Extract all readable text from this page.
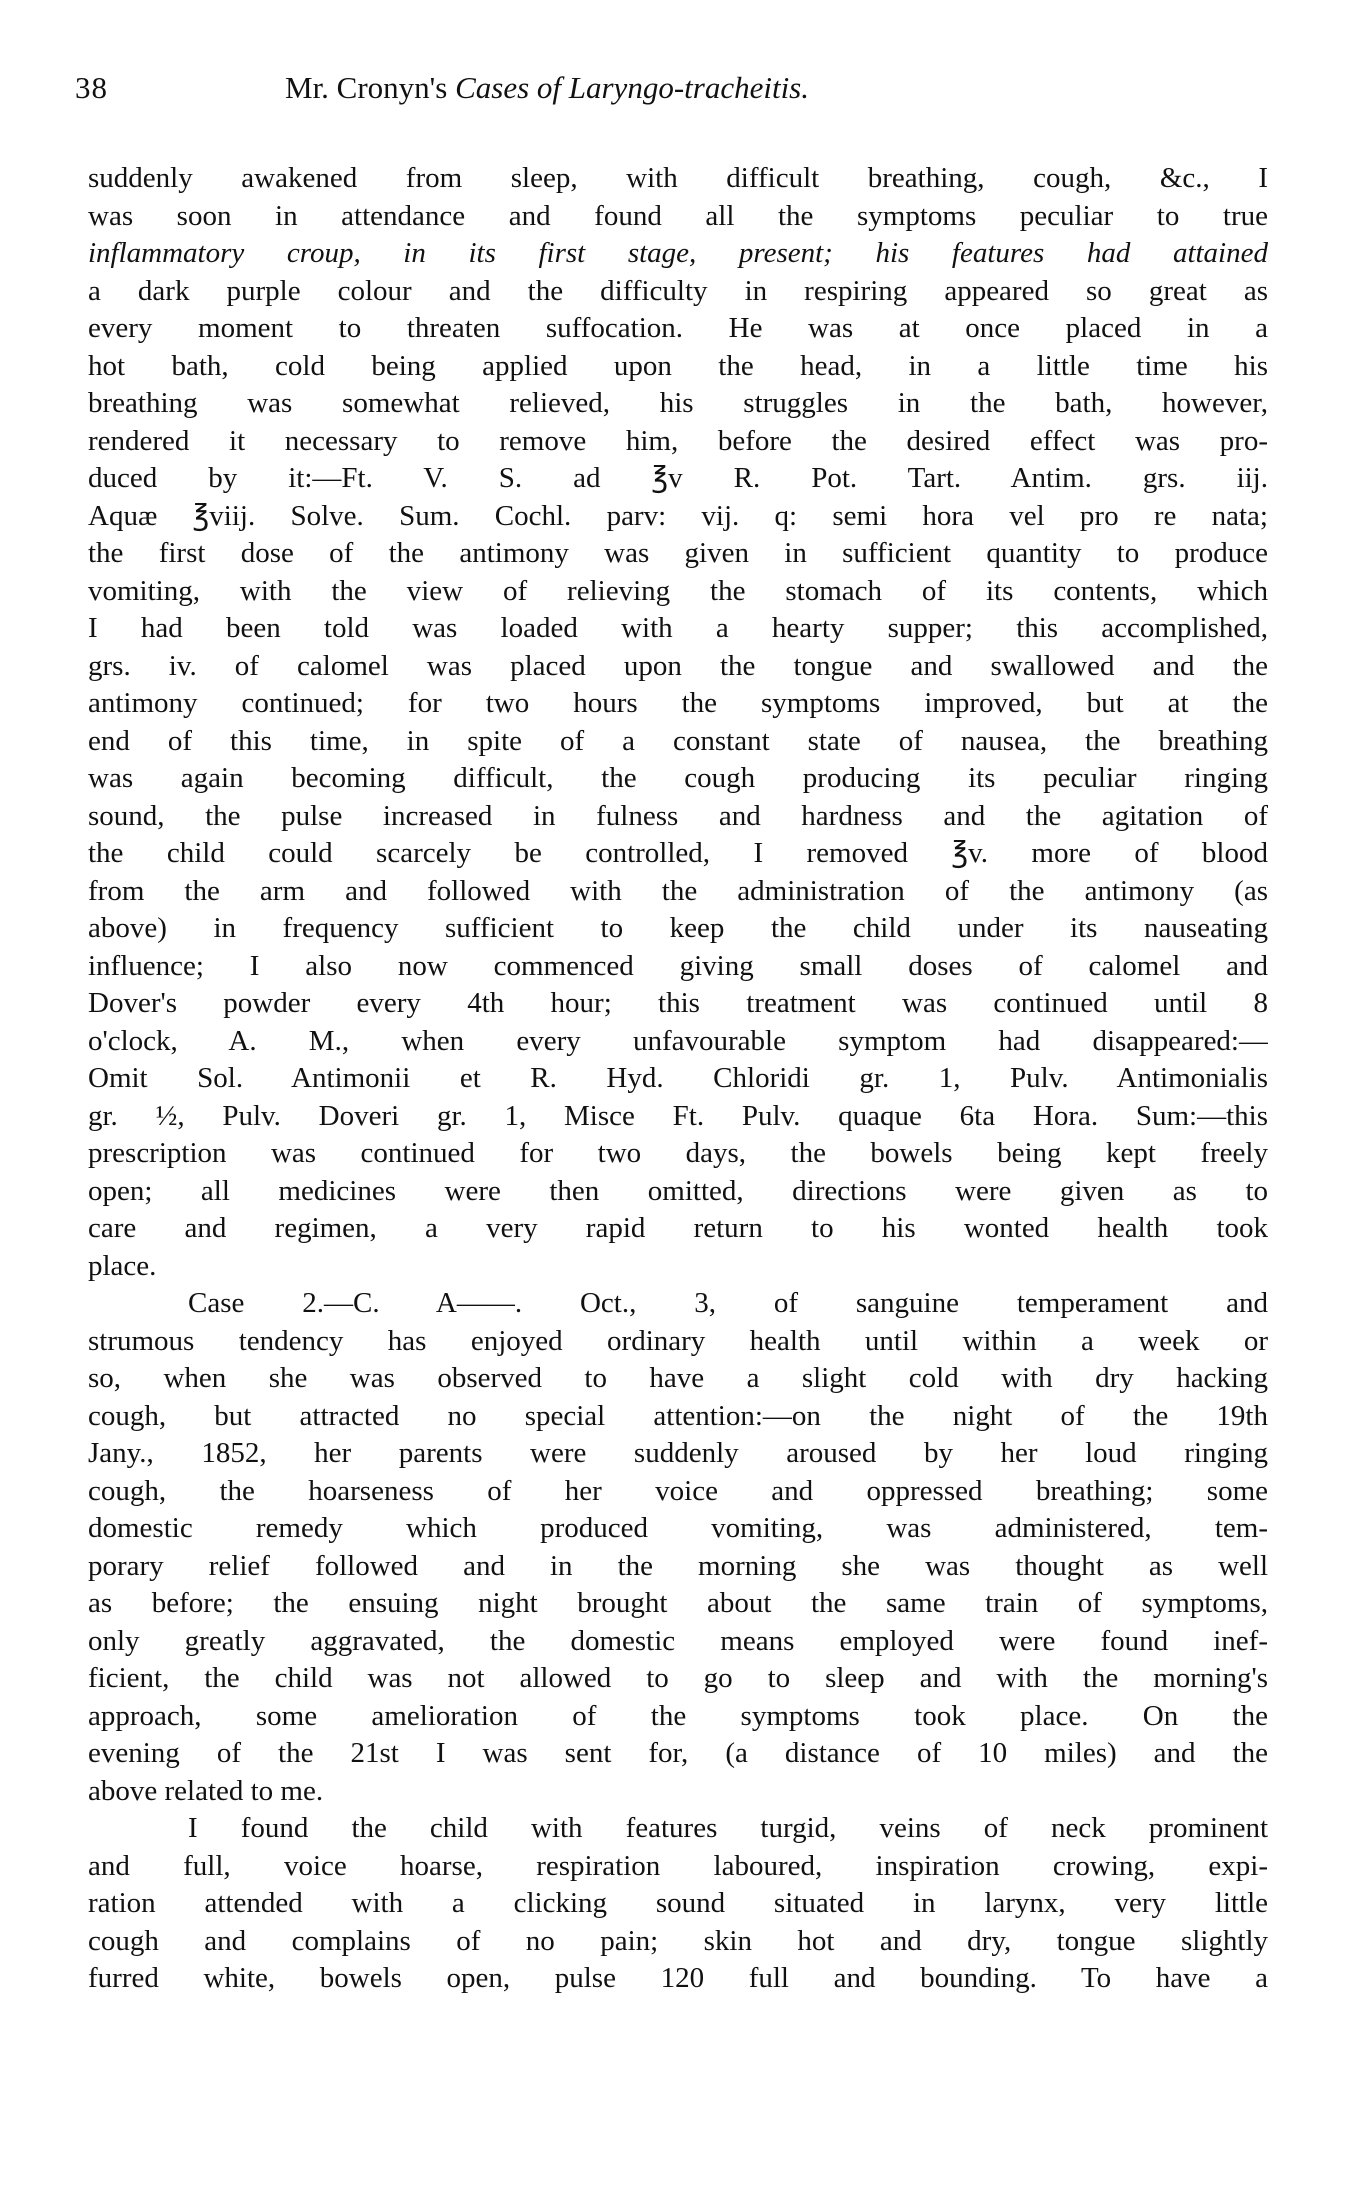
38	Mr. Cronyn's Cases of Laryngo-tracheitis.
suddenly awakened from sleep, with difficult breathing, cough, &c., I
was soon in attendance and found all the symptoms peculiar to true
inflammatory croup, in its first stage, present; his features had attained
a dark purple colour and the difficulty in respiring appeared so great as
every moment to threaten suffocation. He was at once placed in a
hot bath, cold being applied upon the head, in a little time his
breathing was somewhat relieved, his struggles in the bath, however,
rendered it necessary to remove him, before the desired effect was pro-
duced by it:—Ft. V. S. ad ℥v R. Pot. Tart. Antim. grs. iij.
Aquæ ℥viij. Solve. Sum. Cochl. parv: vij. q: semi hora vel pro re nata;
the first dose of the antimony was given in sufficient quantity to produce
vomiting, with the view of relieving the stomach of its contents, which
I had been told was loaded with a hearty supper; this accomplished,
grs. iv. of calomel was placed upon the tongue and swallowed and the
antimony continued; for two hours the symptoms improved, but at the
end of this time, in spite of a constant state of nausea, the breathing
was again becoming difficult, the cough producing its peculiar ringing
sound, the pulse increased in fulness and hardness and the agitation of
the child could scarcely be controlled, I removed ℥v. more of blood
from the arm and followed with the administration of the antimony (as
above) in frequency sufficient to keep the child under its nauseating
influence; I also now commenced giving small doses of calomel and
Dover's powder every 4th hour; this treatment was continued until 8
o'clock, A. M., when every unfavourable symptom had disappeared:—
Omit Sol. Antimonii et R. Hyd. Chloridi gr. 1, Pulv. Antimonialis
gr. ½, Pulv. Doveri gr. 1, Misce Ft. Pulv. quaque 6ta Hora. Sum:—this
prescription was continued for two days, the bowels being kept freely
open; all medicines were then omitted, directions were given as to
care and regimen, a very rapid return to his wonted health took
place.
Case 2.—C. A——. Oct., 3, of sanguine temperament and
strumous tendency has enjoyed ordinary health until within a week or
so, when she was observed to have a slight cold with dry hacking
cough, but attracted no special attention:—on the night of the 19th
Jany., 1852, her parents were suddenly aroused by her loud ringing
cough, the hoarseness of her voice and oppressed breathing; some
domestic remedy which produced vomiting, was administered, tem-
porary relief followed and in the morning she was thought as well
as before; the ensuing night brought about the same train of symptoms,
only greatly aggravated, the domestic means employed were found inef-
ficient, the child was not allowed to go to sleep and with the morning's
approach, some amelioration of the symptoms took place. On the
evening of the 21st I was sent for, (a distance of 10 miles) and the
above related to me.
I found the child with features turgid, veins of neck prominent
and full, voice hoarse, respiration laboured, inspiration crowing, expi-
ration attended with a clicking sound situated in larynx, very little
cough and complains of no pain; skin hot and dry, tongue slightly
furred white, bowels open, pulse 120 full and bounding. To have a
